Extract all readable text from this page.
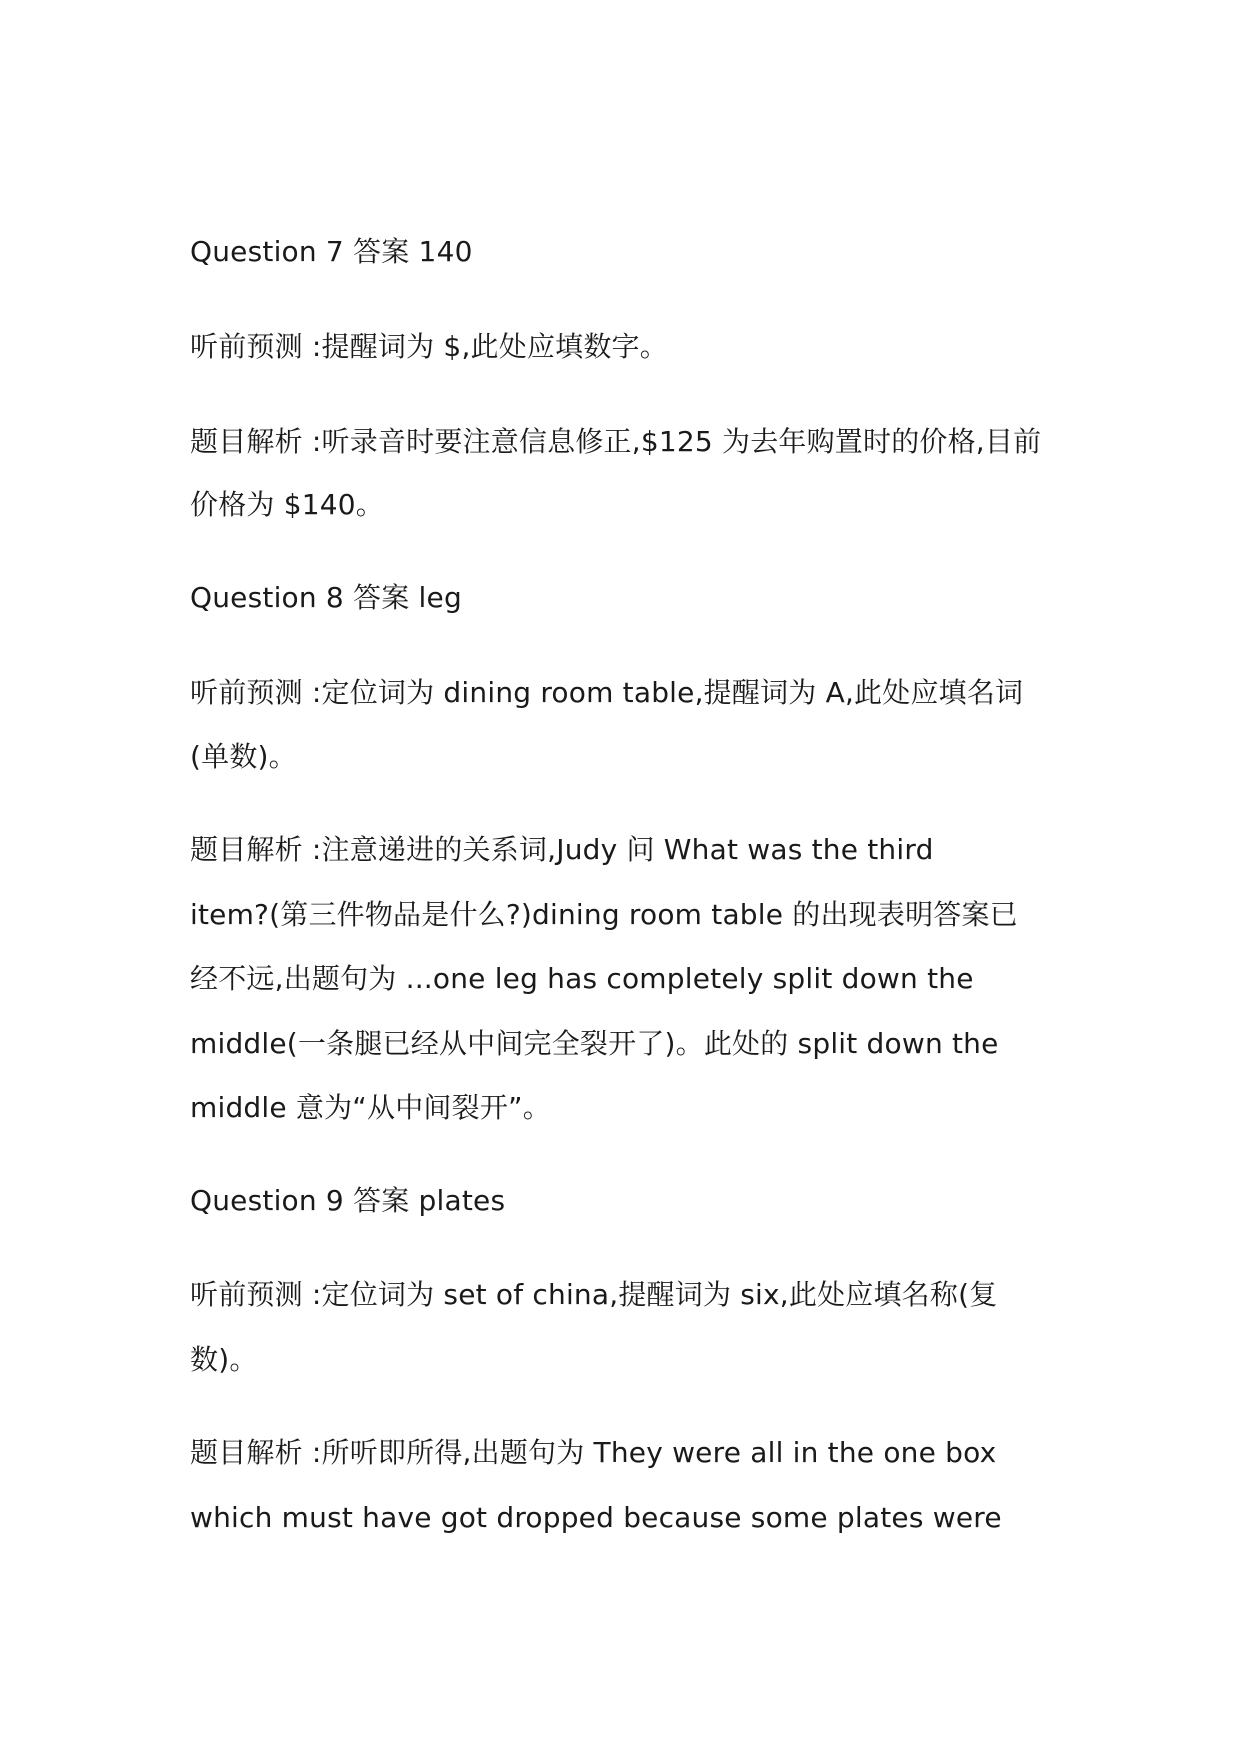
Question 7 答案 140
听前预测 :提醒词为 $,此处应填数字。
题目解析 :听录音时要注意信息修正,$125 为去年购置时的价格,目前
价格为 $140。
Question 8 答案 leg
听前预测 :定位词为 dining room table,提醒词为 A,此处应填名词
(单数)。
题目解析 :注意递进的关系词,Judy 问 What was the third
item?(第三件物品是什么?)dining room table 的出现表明答案已
经不远,出题句为 ...one leg has completely split down the
middle(一条腿已经从中间完全裂开了)。此处的 split down the
middle 意为“从中间裂开”。
Question 9 答案 plates
听前预测 :定位词为 set of china,提醒词为 six,此处应填名称(复
数)。
题目解析 :所听即所得,出题句为 They were all in the one box
which must have got dropped because some plates were
